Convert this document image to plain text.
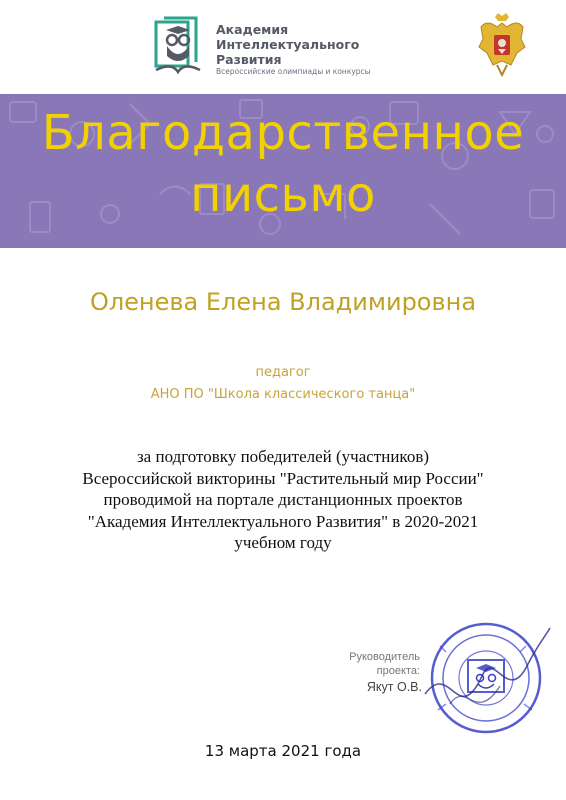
Академия
Интеллектуального
Развития
Всероссийские олимпиады и конкурсы
Благодарственное
письмо
Оленева Елена Владимировна
педагог
АНО ПО "Школа классического танца"
за подготовку победителей (участников)
Всероссийской викторины "Растительный мир России"
проводимой на портале дистанционных проектов
"Академия Интеллектуального Развития" в 2020-2021
учебном году
Руководитель
проекта:
Якут О.В.
13 марта 2021 года
